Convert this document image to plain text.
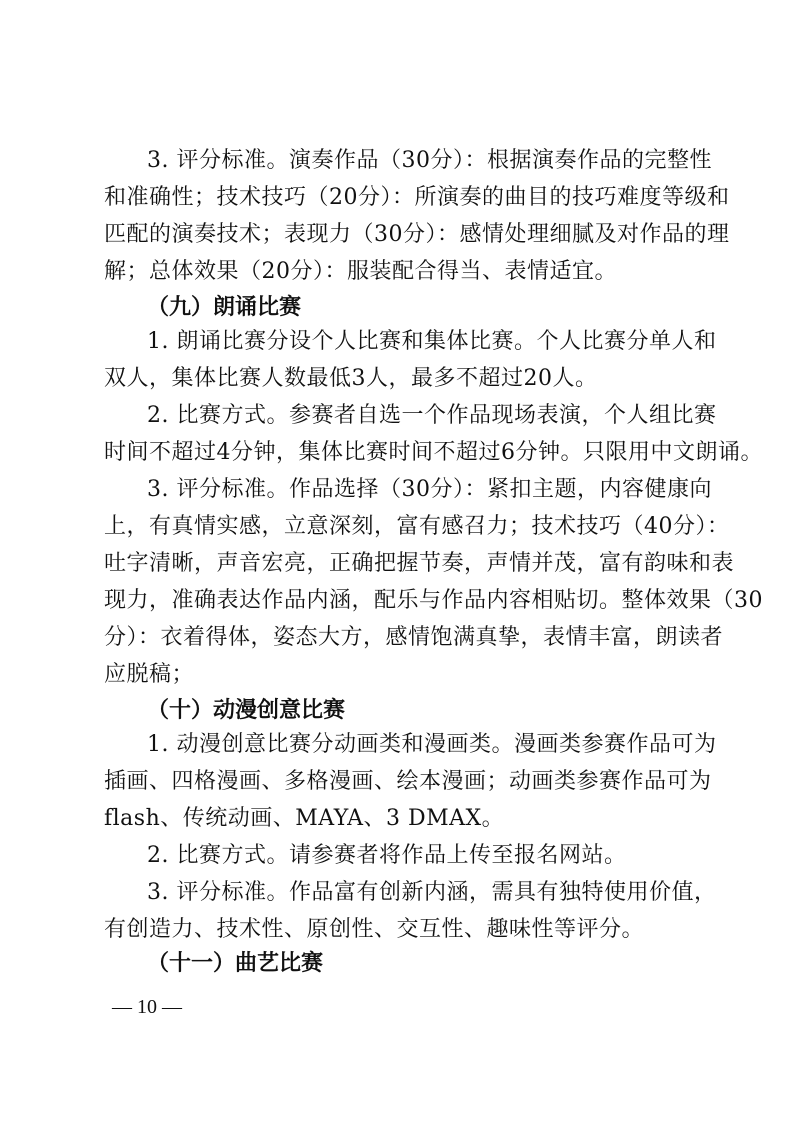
3. 评分标准。演奏作品（30分）：根据演奏作品的完整性
和准确性；技术技巧（20分）：所演奏的曲目的技巧难度等级和
匹配的演奏技术；表现力（30分）：感情处理细腻及对作品的理
解；总体效果（20分）：服装配合得当、表情适宜。
（九）朗诵比赛
1. 朗诵比赛分设个人比赛和集体比赛。个人比赛分单人和
双人，集体比赛人数最低3人，最多不超过20人。
2. 比赛方式。参赛者自选一个作品现场表演，个人组比赛
时间不超过4分钟，集体比赛时间不超过6分钟。只限用中文朗诵。
3. 评分标准。作品选择（30分）：紧扣主题，内容健康向
上，有真情实感，立意深刻，富有感召力；技术技巧（40分）：
吐字清晰，声音宏亮，正确把握节奏，声情并茂，富有韵味和表
现力，准确表达作品内涵，配乐与作品内容相贴切。整体效果（30
分）：衣着得体，姿态大方，感情饱满真挚，表情丰富，朗读者
应脱稿；
（十）动漫创意比赛
1. 动漫创意比赛分动画类和漫画类。漫画类参赛作品可为
插画、四格漫画、多格漫画、绘本漫画；动画类参赛作品可为
flash、传统动画、MAYA、3 DMAX。
2. 比赛方式。请参赛者将作品上传至报名网站。
3. 评分标准。作品富有创新内涵，需具有独特使用价值，
有创造力、技术性、原创性、交互性、趣味性等评分。
（十一）曲艺比赛
— 10 —
